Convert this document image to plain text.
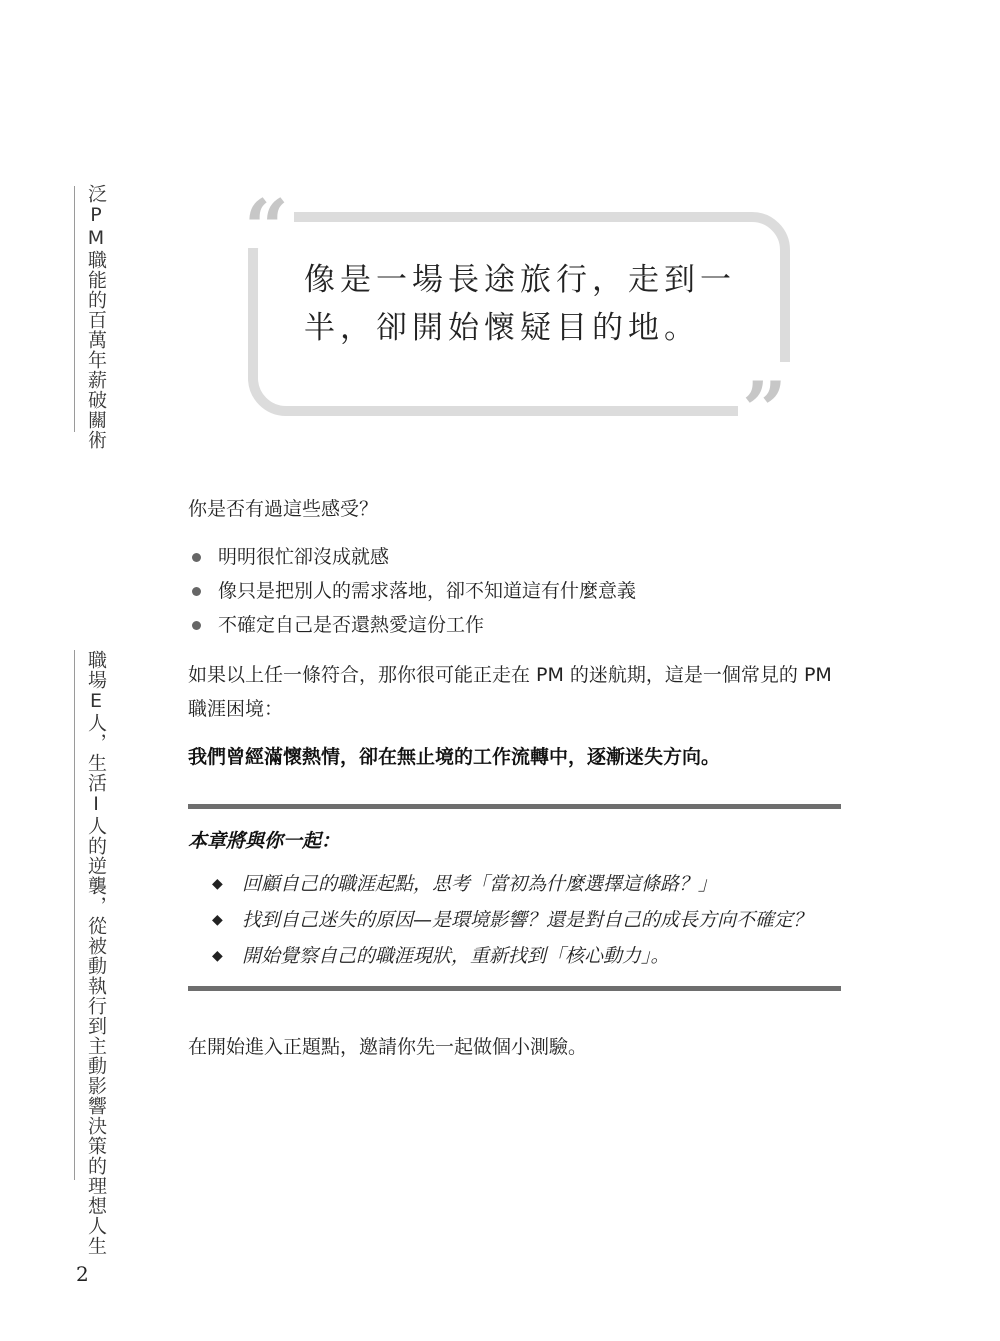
泛PM職能的百萬年薪破關術
職場E人，生活I人的逆襲，從被動執行到主動影響決策的理想人生
“
”
像是一場長途旅行，走到一半，卻開始懷疑目的地。
你是否有過這些感受？
明明很忙卻沒成就感
像只是把別人的需求落地，卻不知道這有什麼意義
不確定自己是否還熱愛這份工作
如果以上任一條符合，那你很可能正走在 PM 的迷航期，這是一個常見的 PM 職涯困境：
我們曾經滿懷熱情，卻在無止境的工作流轉中，逐漸迷失方向。
本章將與你一起：
◆ 回顧自己的職涯起點，思考「當初為什麼選擇這條路？」
◆ 找到自己迷失的原因—是環境影響？還是對自己的成長方向不確定？
◆ 開始覺察自己的職涯現狀，重新找到「核心動力」。
在開始進入正題點，邀請你先一起做個小測驗。
2
